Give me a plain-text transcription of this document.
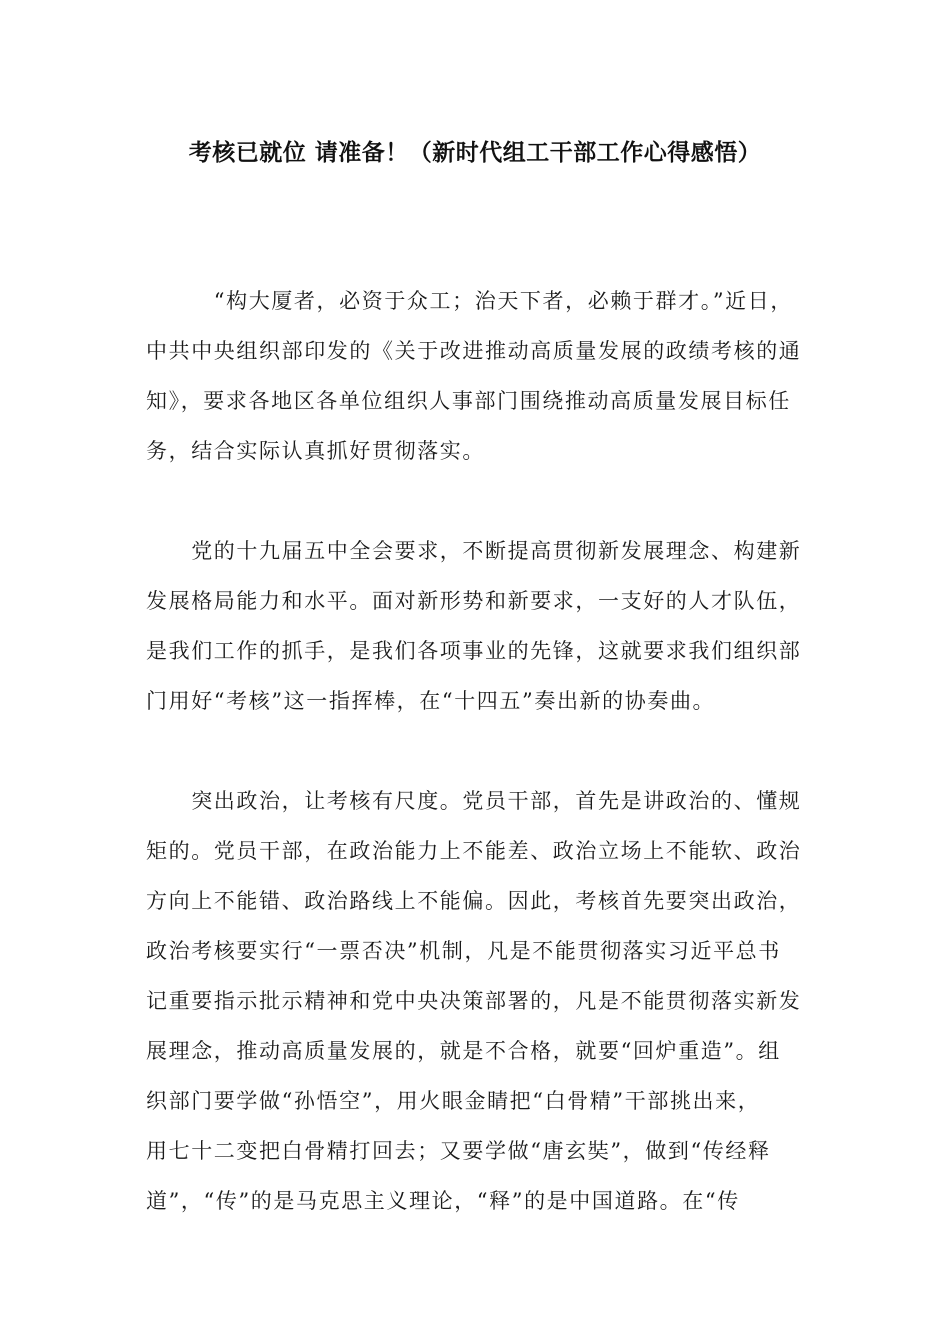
考核已就位 请准备！（新时代组工干部工作心得感悟）
　　　“构大厦者，必资于众工；治天下者，必赖于群才。”近日，
中共中央组织部印发的《关于改进推动高质量发展的政绩考核的通
知》，要求各地区各单位组织人事部门围绕推动高质量发展目标任
务，结合实际认真抓好贯彻落实。
　　党的十九届五中全会要求，不断提高贯彻新发展理念、构建新
发展格局能力和水平。面对新形势和新要求，一支好的人才队伍，
是我们工作的抓手，是我们各项事业的先锋，这就要求我们组织部
门用好“考核”这一指挥棒，在“十四五”奏出新的协奏曲。
　　突出政治，让考核有尺度。党员干部，首先是讲政治的、懂规
矩的。党员干部，在政治能力上不能差、政治立场上不能软、政治
方向上不能错、政治路线上不能偏。因此，考核首先要突出政治，
政治考核要实行“一票否决”机制，凡是不能贯彻落实习近平总书
记重要指示批示精神和党中央决策部署的，凡是不能贯彻落实新发
展理念，推动高质量发展的，就是不合格，就要“回炉重造”。组
织部门要学做“孙悟空”，用火眼金睛把“白骨精”干部挑出来，
用七十二变把白骨精打回去；又要学做“唐玄奘”，做到“传经释
道”，“传”的是马克思主义理论，“释”的是中国道路。在“传
